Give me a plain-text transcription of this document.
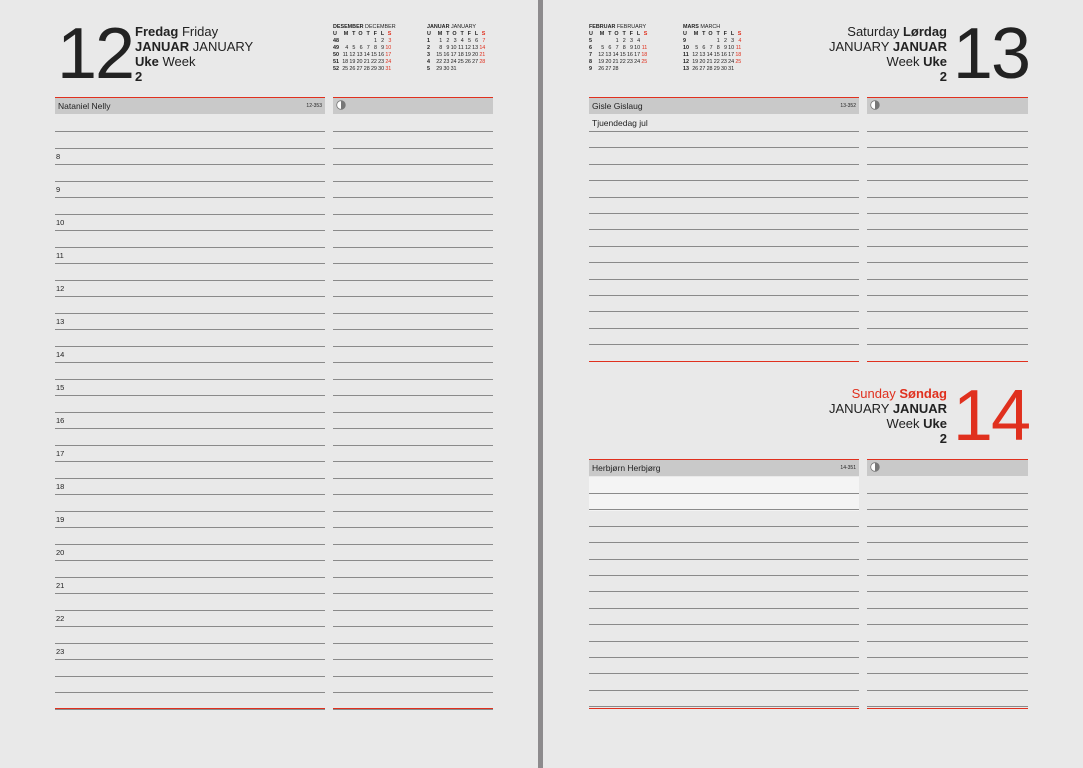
12 Fredag Friday
JANUAR JANUARY
Uke Week
2
DESEMBER DECEMBER
U	M	T	O	T	F	L	S
48					1	2	3
49	4	5	6	7	8	9	10
50	11	12	13	14	15	16	17
51	18	19	20	21	22	23	24
52	25	26	27	28	29	30	31
JANUAR JANUARY
U	M	T	O	T	F	L	S
1	1	2	3	4	5	6	7
2	8	9	10	11	12	13	14
3	15	16	17	18	19	20	21
4	22	23	24	25	26	27	28
5	29	30	31				
Nataniel Nelly	12-353
8
9
10
11
12
13
14
15
16
17
18
19
20
21
22
23
FEBRUAR FEBRUARY
U	M	T	O	T	F	L	S
5			1	2	3	4	
6	5	6	7	8	9	10	11
7	12	13	14	15	16	17	18
8	19	20	21	22	23	24	25
9	26	27	28				
MARS MARCH
U	M	T	O	T	F	L	S
9				1	2	3	4
10	5	6	7	8	9	10	11
11	12	13	14	15	16	17	18
12	19	20	21	22	23	24	25
13	26	27	28	29	30	31	
Saturday Lørdag
JANUARY JANUAR
Week Uke
2 13
Gisle Gislaug	13-352
Tjuendedag jul
Sunday Søndag
JANUARY JANUAR
Week Uke
2 14
Herbjørn Herbjørg	14-351
